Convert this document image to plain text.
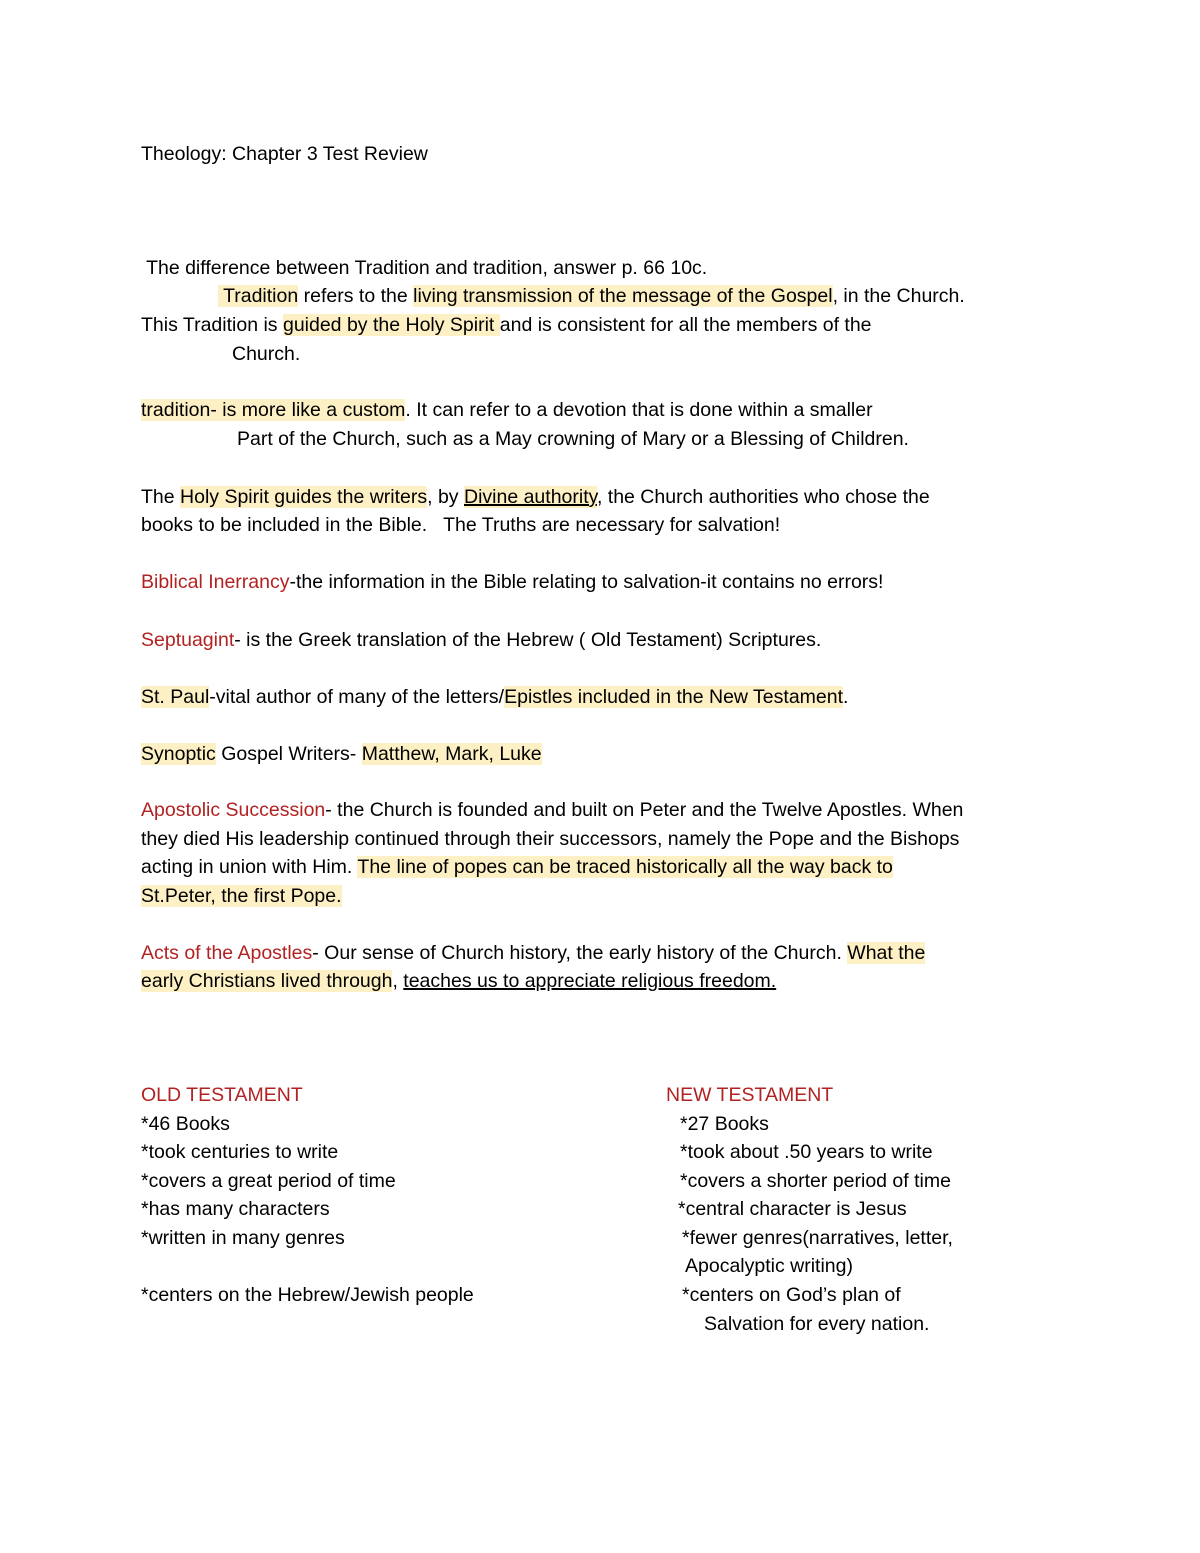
Theology: Chapter 3 Test Review
The difference between Tradition and tradition, answer p. 66 10c.
Tradition refers to the living transmission of the message of the Gospel, in the Church.
This Tradition is guided by the Holy Spirit and is consistent for all the members of the
Church.
tradition- is more like a custom. It can refer to a devotion that is done within a smaller
Part of the Church, such as a May crowning of Mary or a Blessing of Children.
The Holy Spirit guides the writers, by Divine authority, the Church authorities who chose the
books to be included in the Bible.   The Truths are necessary for salvation!
Biblical Inerrancy-the information in the Bible relating to salvation-it contains no errors!
Septuagint- is the Greek translation of the Hebrew ( Old Testament) Scriptures.
St. Paul-vital author of many of the letters/Epistles included in the New Testament.
Synoptic Gospel Writers- Matthew, Mark, Luke
Apostolic Succession- the Church is founded and built on Peter and the Twelve Apostles. When
they died His leadership continued through their successors, namely the Pope and the Bishops
acting in union with Him. The line of popes can be traced historically all the way back to
St.Peter, the first Pope.
Acts of the Apostles- Our sense of Church history, the early history of the Church. What the
early Christians lived through, teaches us to appreciate religious freedom.
OLD TESTAMENT
*46 Books
*took centuries to write
*covers a great period of time
*has many characters
*written in many genres
*centers on the Hebrew/Jewish people
NEW TESTAMENT
*27 Books
*took about .50 years to write
*covers a shorter period of time
*central character is Jesus
*fewer genres(narratives, letter,
Apocalyptic writing)
*centers on God’s plan of
Salvation for every nation.
